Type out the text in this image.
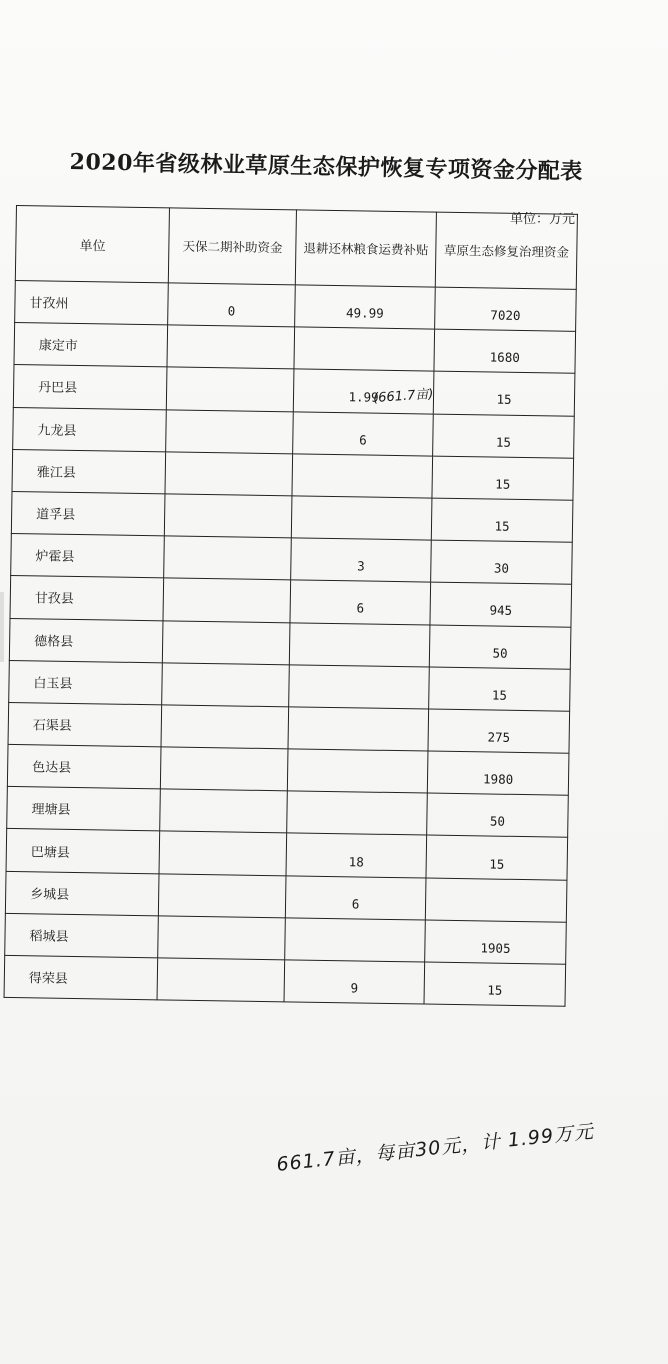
2020年省级林业草原生态保护恢复专项资金分配表
单位：万元
单位	天保二期补助资金	退耕还林粮食运费补贴	草原生态修复治理资金
甘孜州	0	49.99	7020
康定市			1680
丹巴县		1.99	15
九龙县		6	15
雅江县			15
道孚县			15
炉霍县		3	30
甘孜县		6	945
德格县			50
白玉县			15
石渠县			275
色达县			1980
理塘县			50
巴塘县		18	15
乡城县		6	
稻城县			1905
得荣县		9	15
(661.7亩)
661.7亩，每亩30元，计 1.99万元
